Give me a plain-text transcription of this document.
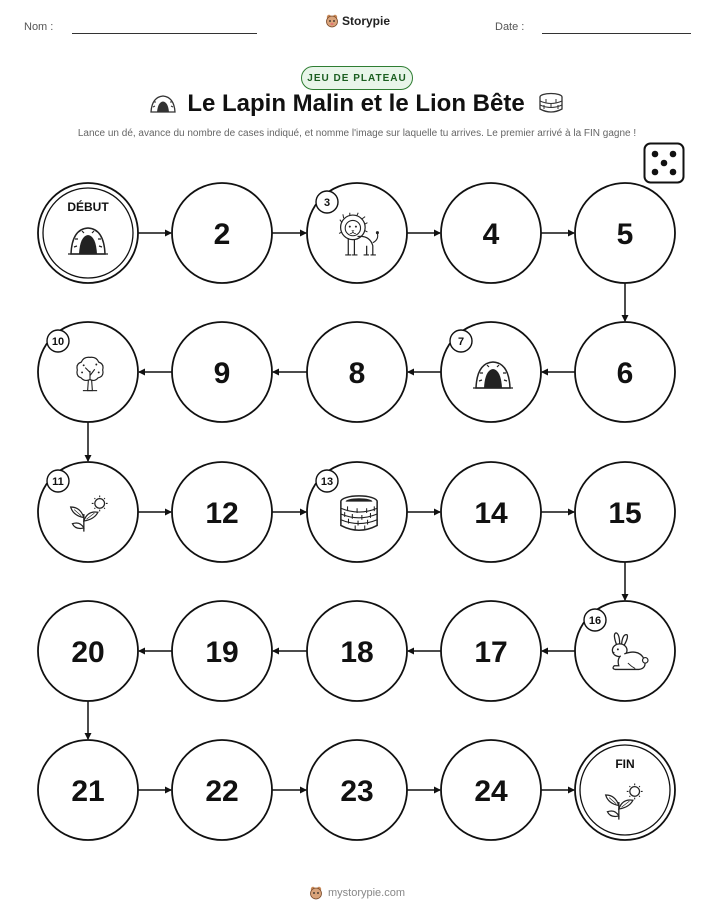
Nom :	Storypie	Date :
JEU DE PLATEAU
Le Lapin Malin et le Lion Bête
Lance un dé, avance du nombre de cases indiqué, et nomme l'image sur laquelle tu arrives. Le premier arrivé à la FIN gagne !
DÉBUT
2
3
4	5
6
7
8
9
10
11
12
13
14	15
16
17
18
19
20
21	22	23	24
FIN
mystorypie.com
